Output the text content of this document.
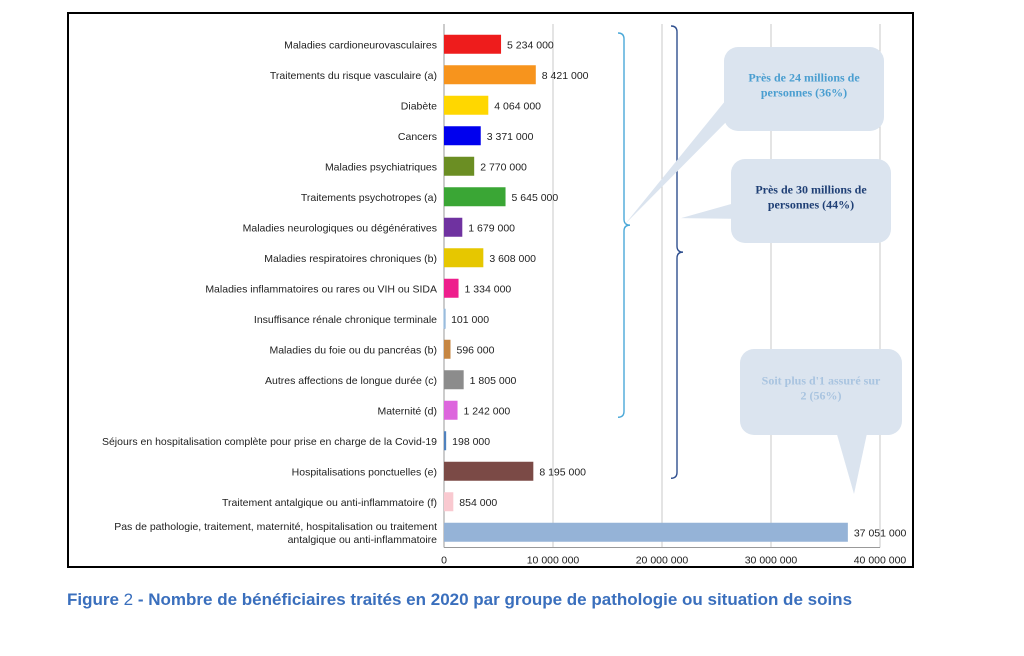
0	10 000 000	20 000 000	30 000 000	40 000 000
5 234 000
Maladies cardioneurovasculaires
8 421 000
Traitements du risque vasculaire (a)
4 064 000
Diabète
3 371 000
Cancers
2 770 000
Maladies psychiatriques
5 645 000
Traitements psychotropes (a)
1 679 000
Maladies neurologiques ou dégénératives
3 608 000
Maladies respiratoires chroniques (b)
1 334 000
Maladies inflammatoires ou rares ou VIH ou SIDA
101 000
Insuffisance rénale chronique terminale
596 000
Maladies du foie ou du pancréas (b)
1 805 000
Autres affections de longue durée (c)
1 242 000
Maternité (d)
198 000
Séjours en hospitalisation complète pour prise en charge de la Covid-19
8 195 000
Hospitalisations ponctuelles (e)
854 000
Traitement antalgique ou anti-inflammatoire (f)
37 051 000
Pas de pathologie, traitement, maternité, hospitalisation ou traitement antalgique ou anti-inflammatoire
Près de 24 millions de
personnes (36%)
Près de 30 millions de
personnes (44%)
Soit plus d'1 assuré sur
2 (56%)
Figure 2 - Nombre de bénéficiaires traités en 2020 par groupe de pathologie ou situation de soins
